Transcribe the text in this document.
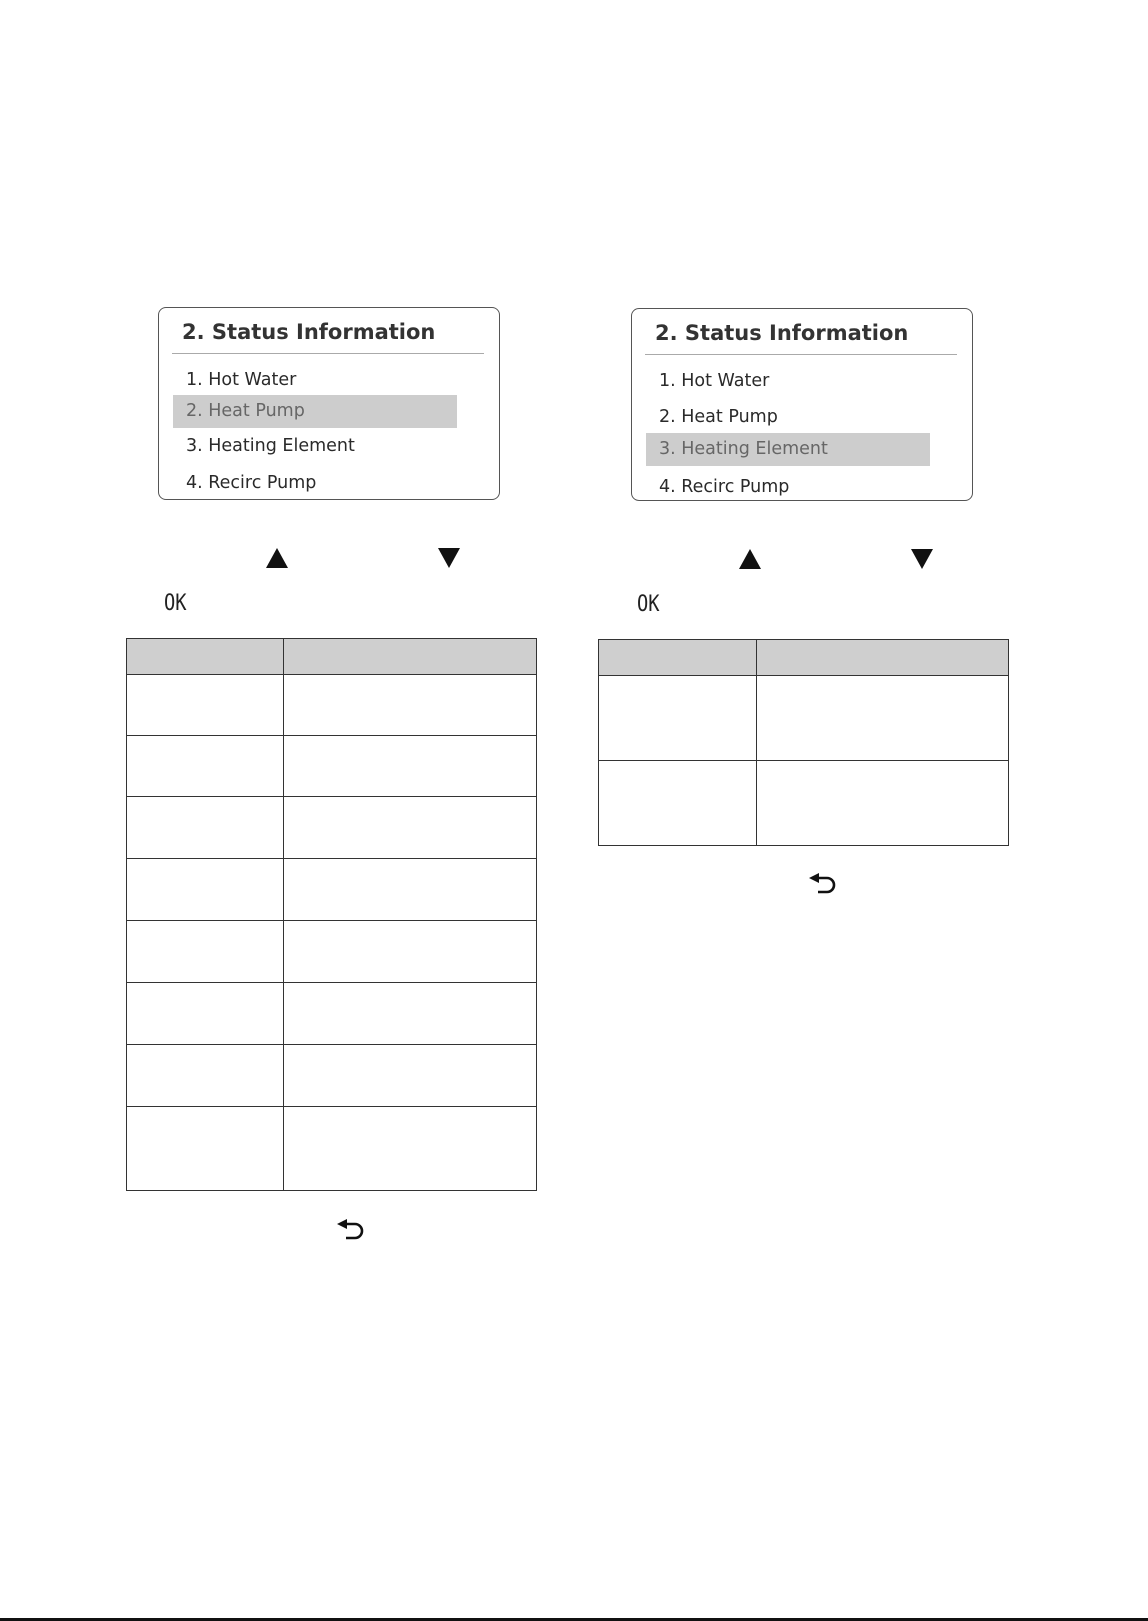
2. Status Information
1. Hot Water
2. Heat Pump
3. Heating Element
4. Recirc Pump
2. Status Information
1. Hot Water
2. Heat Pump
3. Heating Element
4. Recirc Pump
OK	OK
